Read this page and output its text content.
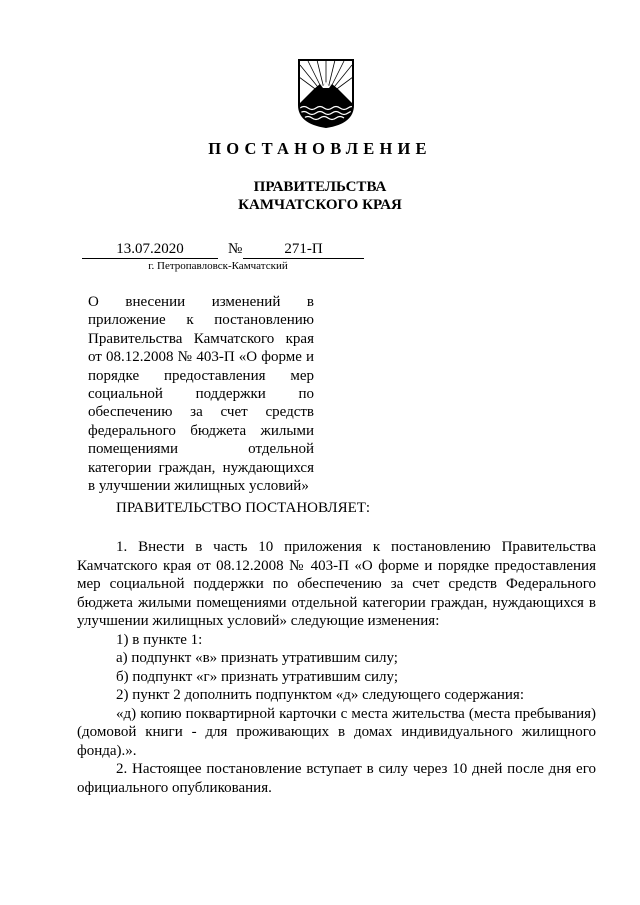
ПОСТАНОВЛЕНИЕ
ПРАВИТЕЛЬСТВА
КАМЧАТСКОГО КРАЯ
13.07.2020	№	271-П
г. Петропавловск-Камчатский
О внесении изменений в приложение к постановлению Правительства Камчатского края от 08.12.2008 № 403-П «О форме и порядке предоставления мер социальной поддержки по обеспечению за счет средств федерального бюджета жилыми помещениями отдельной категории граждан, нуждающихся в улучшении жилищных условий»
ПРАВИТЕЛЬСТВО ПОСТАНОВЛЯЕТ:

1. Внести в часть 10 приложения к постановлению Правительства Камчатского края от 08.12.2008 № 403-П «О форме и порядке предоставления мер социальной поддержки по обеспечению за счет средств Федерального бюджета жилыми помещениями отдельной категории граждан, нуждающихся в улучшении жилищных условий» следующие изменения:

1) в пункте 1:

а) подпункт «в» признать утратившим силу;

б) подпункт «г» признать утратившим силу;

2) пункт 2 дополнить подпунктом «д» следующего содержания:

«д) копию поквартирной карточки с места жительства (места пребывания) (домовой книги - для проживающих в домах индивидуального жилищного фонда).».

2. Настоящее постановление вступает в силу через 10 дней после дня его официального опубликования.
